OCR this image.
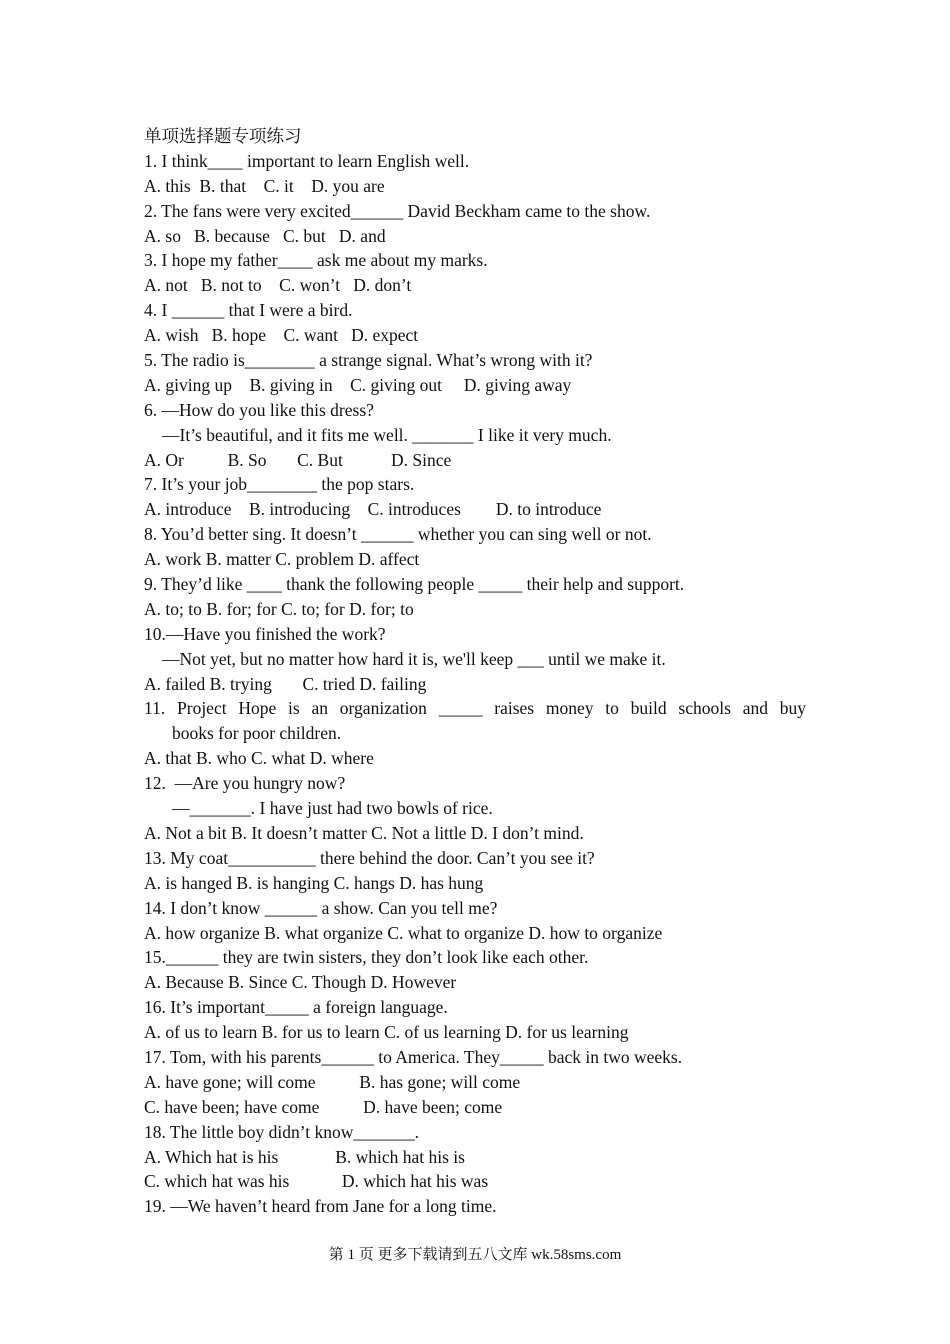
单项选择题专项练习
1. I think____ important to learn English well.
A. this  B. that    C. it    D. you are
2. The fans were very excited______ David Beckham came to the show.
A. so   B. because   C. but   D. and
3. I hope my father____ ask me about my marks.
A. not   B. not to    C. won’t   D. don’t
4. I ______ that I were a bird.
A. wish   B. hope    C. want   D. expect
5. The radio is________ a strange signal. What’s wrong with it?
A. giving up    B. giving in    C. giving out     D. giving away
6. —How do you like this dress?
—It’s beautiful, and it fits me well. _______ I like it very much.
A. Or          B. So       C. But           D. Since
7. It’s your job________ the pop stars.
A. introduce    B. introducing    C. introduces        D. to introduce
8. You’d better sing. It doesn’t ______ whether you can sing well or not.
A. work B. matter C. problem D. affect
9. They’d like ____ thank the following people _____ their help and support.
A. to; to B. for; for C. to; for D. for; to
10.—Have you finished the work?
—Not yet, but no matter how hard it is, we'll keep ___ until we make it.
A. failed B. trying       C. tried D. failing
11. Project Hope is an organization _____ raises money to build schools and buy
books for poor children.
A. that B. who C. what D. where
12.  —Are you hungry now?
—_______. I have just had two bowls of rice.
A. Not a bit B. It doesn’t matter C. Not a little D. I don’t mind.
13. My coat__________ there behind the door. Can’t you see it?
A. is hanged B. is hanging C. hangs D. has hung
14. I don’t know ______ a show. Can you tell me?
A. how organize B. what organize C. what to organize D. how to organize
15.______ they are twin sisters, they don’t look like each other.
A. Because B. Since C. Though D. However
16. It’s important_____ a foreign language.
A. of us to learn B. for us to learn C. of us learning D. for us learning
17. Tom, with his parents______ to America. They_____ back in two weeks.
A. have gone; will come          B. has gone; will come
C. have been; have come          D. have been; come
18. The little boy didn’t know_______.
A. Which hat is his             B. which hat his is
C. which hat was his            D. which hat his was
19. —We haven’t heard from Jane for a long time.
第 1 页 更多下载请到五八文库 wk.58sms.com
